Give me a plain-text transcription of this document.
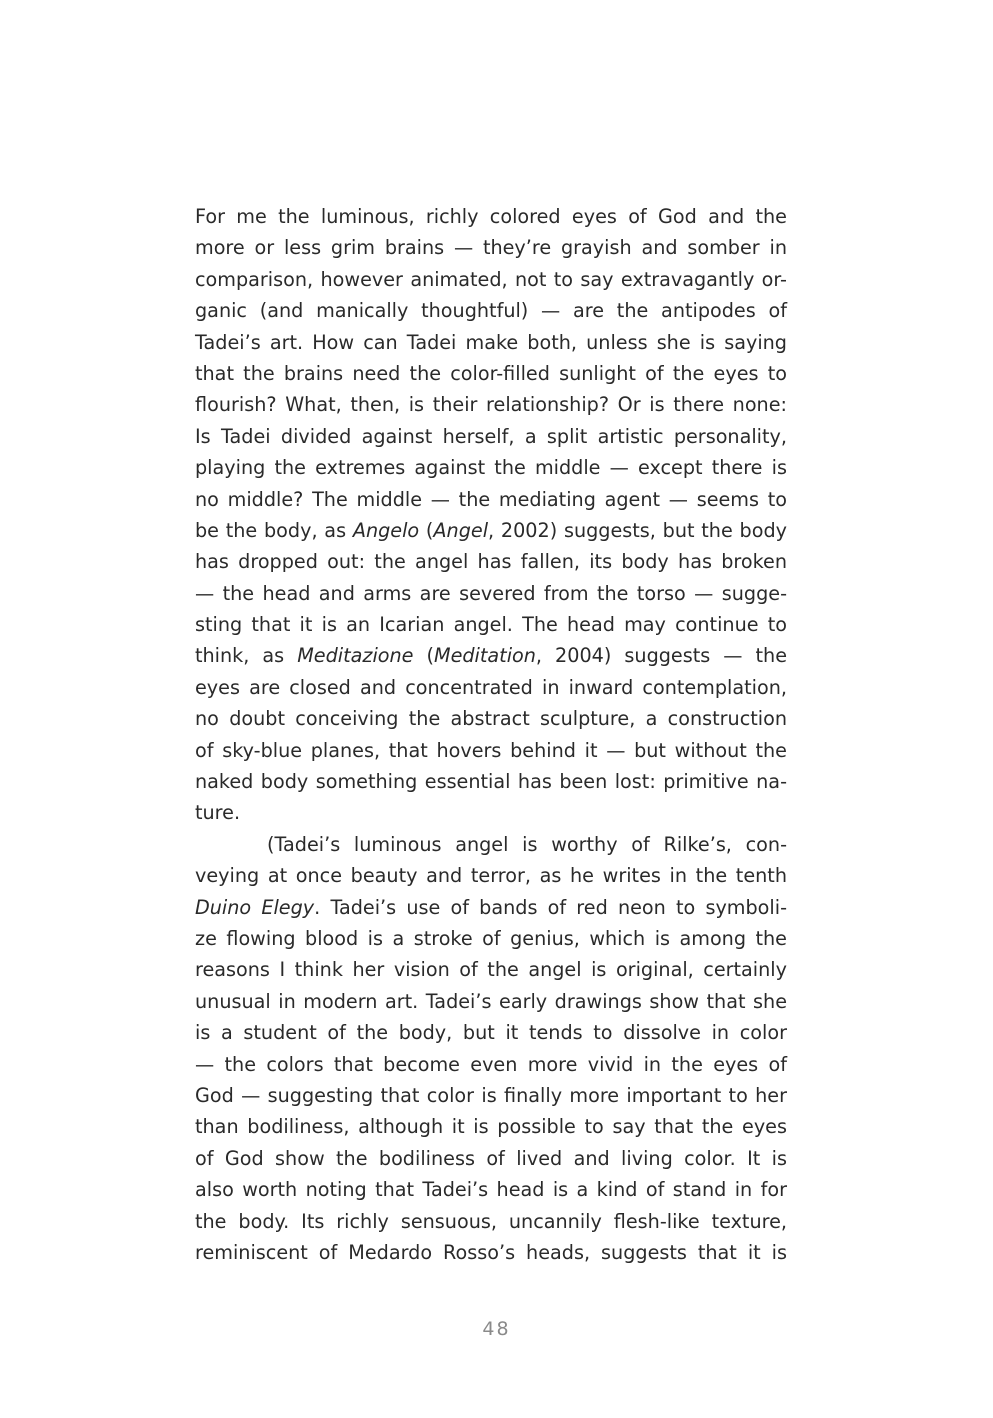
For me the luminous, richly colored eyes of God and the
more or less grim brains — they’re grayish and somber in
comparison, however animated, not to say extravagantly or-
ganic (and manically thoughtful) — are the antipodes of
Tadei’s art. How can Tadei make both, unless she is saying
that the brains need the color-filled sunlight of the eyes to
flourish? What, then, is their relationship? Or is there none:
Is Tadei divided against herself, a split artistic personality,
playing the extremes against the middle — except there is
no middle? The middle — the mediating agent — seems to
be the body, as Angelo (Angel, 2002) suggests, but the body
has dropped out: the angel has fallen, its body has broken
— the head and arms are severed from the torso — sugge-
sting that it is an Icarian angel. The head may continue to
think, as Meditazione (Meditation, 2004) suggests — the
eyes are closed and concentrated in inward contemplation,
no doubt conceiving the abstract sculpture, a construction
of sky-blue planes, that hovers behind it — but without the
naked body something essential has been lost: primitive na-
ture.
(Tadei’s luminous angel is worthy of Rilke’s, con-
veying at once beauty and terror, as he writes in the tenth
Duino Elegy. Tadei’s use of bands of red neon to symboli-
ze flowing blood is a stroke of genius, which is among the
reasons I think her vision of the angel is original, certainly
unusual in modern art. Tadei’s early drawings show that she
is a student of the body, but it tends to dissolve in color
— the colors that become even more vivid in the eyes of
God — suggesting that color is finally more important to her
than bodiliness, although it is possible to say that the eyes
of God show the bodiliness of lived and living color. It is
also worth noting that Tadei’s head is a kind of stand in for
the body. Its richly sensuous, uncannily flesh-like texture,
reminiscent of Medardo Rosso’s heads, suggests that it is
48
